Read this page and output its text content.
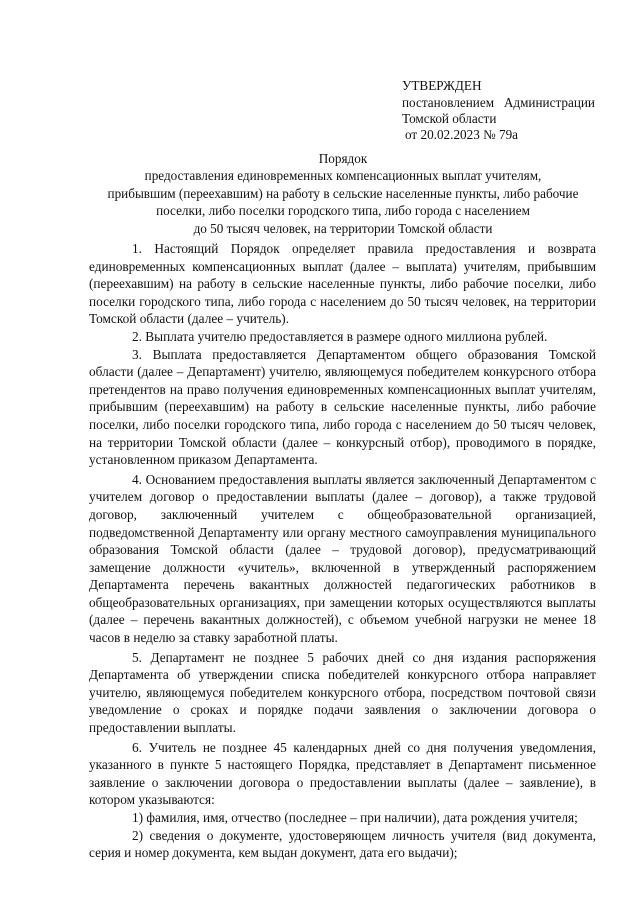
УТВЕРЖДЕН
постановлением Администрации
Томской области
от 20.02.2023 № 79а
Порядок
предоставления единовременных компенсационных выплат учителям,
прибывшим (переехавшим) на работу в сельские населенные пункты, либо рабочие
поселки, либо поселки городского типа, либо города с населением
до 50 тысяч человек, на территории Томской области

1. Настоящий Порядок определяет правила предоставления и возврата единовременных компенсационных выплат (далее – выплата) учителям, прибывшим (переехавшим) на работу в сельские населенные пункты, либо рабочие поселки, либо поселки городского типа, либо города с населением до 50 тысяч человек, на территории Томской области (далее – учитель).

2. Выплата учителю предоставляется в размере одного миллиона рублей.

3. Выплата предоставляется Департаментом общего образования Томской области (далее – Департамент) учителю, являющемуся победителем конкурсного отбора претендентов на право получения единовременных компенсационных выплат учителям, прибывшим (переехавшим) на работу в сельские населенные пункты, либо рабочие поселки, либо поселки городского типа, либо города с населением до 50 тысяч человек, на территории Томской области (далее – конкурсный отбор), проводимого в порядке, установленном приказом Департамента.

4. Основанием предоставления выплаты является заключенный Департаментом с учителем договор о предоставлении выплаты (далее – договор), а также трудовой договор, заключенный учителем с общеобразовательной организацией, подведомственной Департаменту или органу местного самоуправления муниципального образования Томской области (далее – трудовой договор), предусматривающий замещение должности «учитель», включенной в утвержденный распоряжением Департамента перечень вакантных должностей педагогических работников в общеобразовательных организациях, при замещении которых осуществляются выплаты (далее – перечень вакантных должностей), с объемом учебной нагрузки не менее 18 часов в неделю за ставку заработной платы.

5. Департамент не позднее 5 рабочих дней со дня издания распоряжения Департамента об утверждении списка победителей конкурсного отбора направляет учителю, являющемуся победителем конкурсного отбора, посредством почтовой связи уведомление о сроках и порядке подачи заявления о заключении договора о предоставлении выплаты.

6. Учитель не позднее 45 календарных дней со дня получения уведомления, указанного в пункте 5 настоящего Порядка, представляет в Департамент письменное заявление о заключении договора о предоставлении выплаты (далее – заявление), в котором указываются:

1) фамилия, имя, отчество (последнее – при наличии), дата рождения учителя;

2) сведения о документе, удостоверяющем личность учителя (вид документа, серия и номер документа, кем выдан документ, дата его выдачи);
